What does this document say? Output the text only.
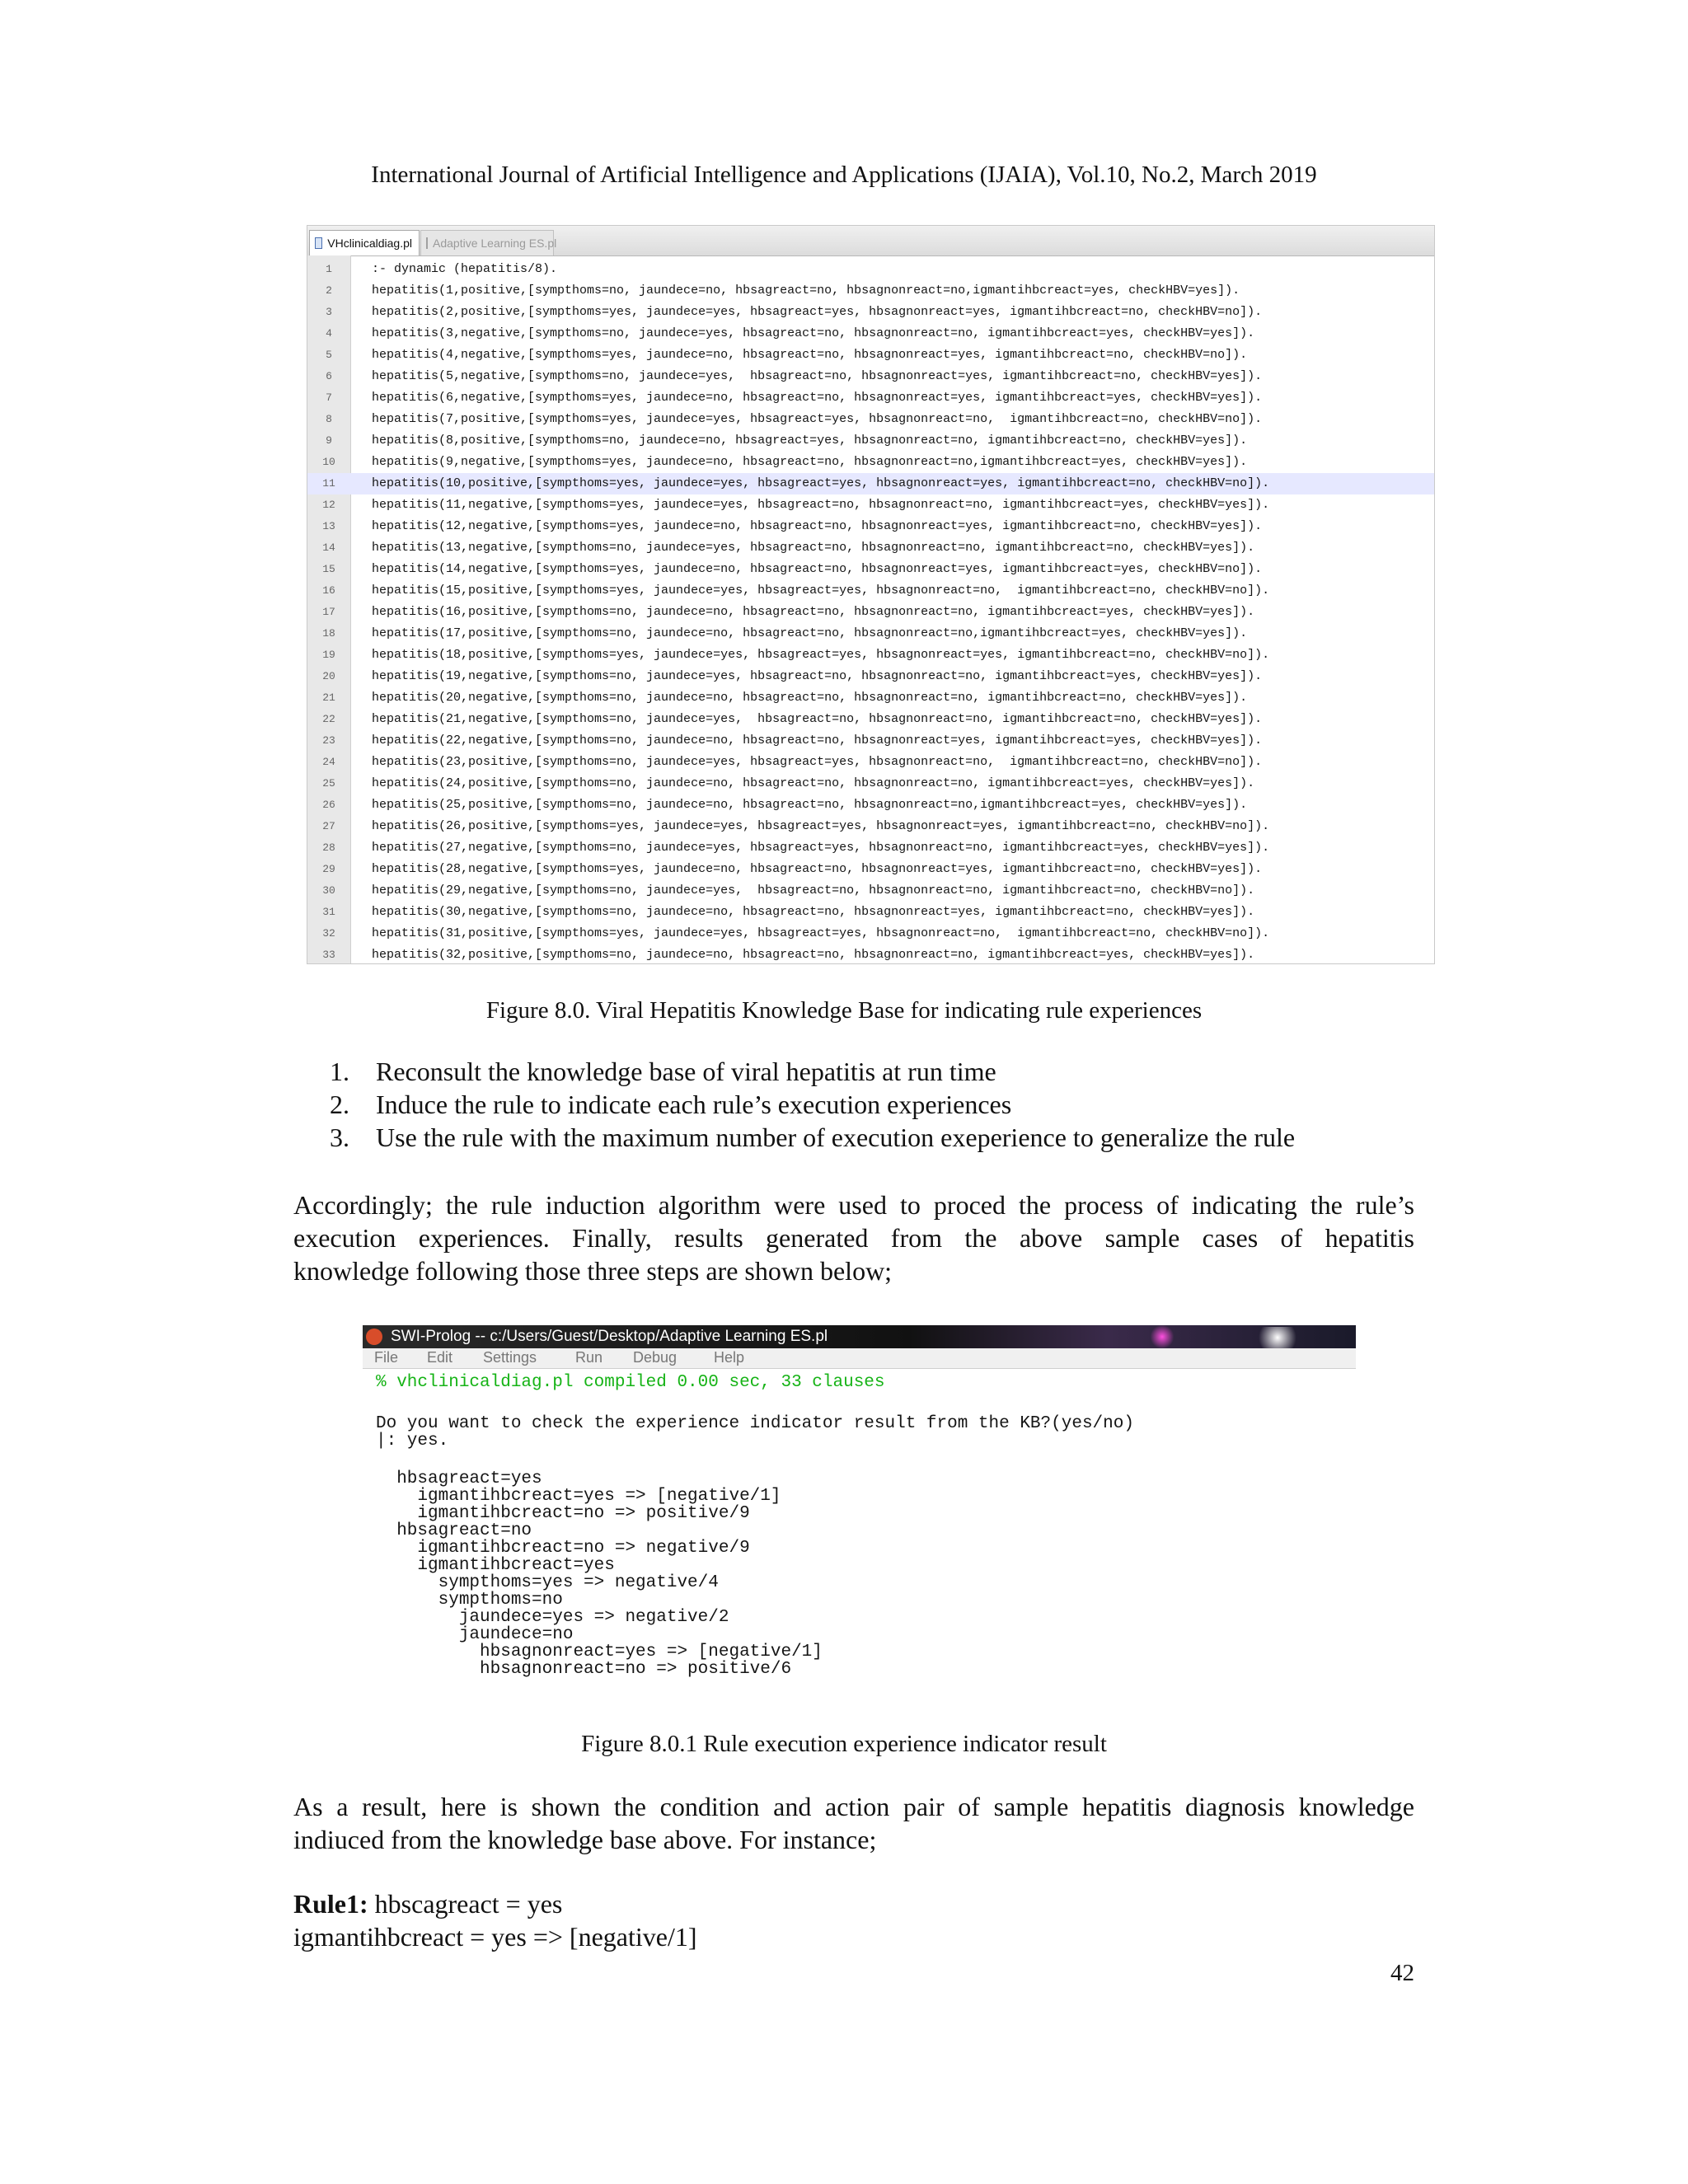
International Journal of Artificial Intelligence and Applications (IJAIA), Vol.10, No.2, March 2019
VHclinicaldiag.pl Adaptive Learning ES.pl
1	:- dynamic (hepatitis/8).
2	hepatitis(1,positive,[sympthoms=no, jaundece=no, hbsagreact=no, hbsagnonreact=no,igmantihbcreact=yes, checkHBV=yes]).
3	hepatitis(2,positive,[sympthoms=yes, jaundece=yes, hbsagreact=yes, hbsagnonreact=yes, igmantihbcreact=no, checkHBV=no]).
4	hepatitis(3,negative,[sympthoms=no, jaundece=yes, hbsagreact=no, hbsagnonreact=no, igmantihbcreact=yes, checkHBV=yes]).
5	hepatitis(4,negative,[sympthoms=yes, jaundece=no, hbsagreact=no, hbsagnonreact=yes, igmantihbcreact=no, checkHBV=no]).
6	hepatitis(5,negative,[sympthoms=no, jaundece=yes,  hbsagreact=no, hbsagnonreact=yes, igmantihbcreact=no, checkHBV=yes]).
7	hepatitis(6,negative,[sympthoms=yes, jaundece=no, hbsagreact=no, hbsagnonreact=yes, igmantihbcreact=yes, checkHBV=yes]).
8	hepatitis(7,positive,[sympthoms=yes, jaundece=yes, hbsagreact=yes, hbsagnonreact=no,  igmantihbcreact=no, checkHBV=no]).
9	hepatitis(8,positive,[sympthoms=no, jaundece=no, hbsagreact=yes, hbsagnonreact=no, igmantihbcreact=no, checkHBV=yes]).
10	hepatitis(9,negative,[sympthoms=yes, jaundece=no, hbsagreact=no, hbsagnonreact=no,igmantihbcreact=yes, checkHBV=yes]).
11	hepatitis(10,positive,[sympthoms=yes, jaundece=yes, hbsagreact=yes, hbsagnonreact=yes, igmantihbcreact=no, checkHBV=no]).
12	hepatitis(11,negative,[sympthoms=yes, jaundece=yes, hbsagreact=no, hbsagnonreact=no, igmantihbcreact=yes, checkHBV=yes]).
13	hepatitis(12,negative,[sympthoms=yes, jaundece=no, hbsagreact=no, hbsagnonreact=yes, igmantihbcreact=no, checkHBV=yes]).
14	hepatitis(13,negative,[sympthoms=no, jaundece=yes, hbsagreact=no, hbsagnonreact=no, igmantihbcreact=no, checkHBV=yes]).
15	hepatitis(14,negative,[sympthoms=yes, jaundece=no, hbsagreact=no, hbsagnonreact=yes, igmantihbcreact=yes, checkHBV=no]).
16	hepatitis(15,positive,[sympthoms=yes, jaundece=yes, hbsagreact=yes, hbsagnonreact=no,  igmantihbcreact=no, checkHBV=no]).
17	hepatitis(16,positive,[sympthoms=no, jaundece=no, hbsagreact=no, hbsagnonreact=no, igmantihbcreact=yes, checkHBV=yes]).
18	hepatitis(17,positive,[sympthoms=no, jaundece=no, hbsagreact=no, hbsagnonreact=no,igmantihbcreact=yes, checkHBV=yes]).
19	hepatitis(18,positive,[sympthoms=yes, jaundece=yes, hbsagreact=yes, hbsagnonreact=yes, igmantihbcreact=no, checkHBV=no]).
20	hepatitis(19,negative,[sympthoms=no, jaundece=yes, hbsagreact=no, hbsagnonreact=no, igmantihbcreact=yes, checkHBV=yes]).
21	hepatitis(20,negative,[sympthoms=no, jaundece=no, hbsagreact=no, hbsagnonreact=no, igmantihbcreact=no, checkHBV=yes]).
22	hepatitis(21,negative,[sympthoms=no, jaundece=yes,  hbsagreact=no, hbsagnonreact=no, igmantihbcreact=no, checkHBV=yes]).
23	hepatitis(22,negative,[sympthoms=no, jaundece=no, hbsagreact=no, hbsagnonreact=yes, igmantihbcreact=yes, checkHBV=yes]).
24	hepatitis(23,positive,[sympthoms=no, jaundece=yes, hbsagreact=yes, hbsagnonreact=no,  igmantihbcreact=no, checkHBV=no]).
25	hepatitis(24,positive,[sympthoms=no, jaundece=no, hbsagreact=no, hbsagnonreact=no, igmantihbcreact=yes, checkHBV=yes]).
26	hepatitis(25,positive,[sympthoms=no, jaundece=no, hbsagreact=no, hbsagnonreact=no,igmantihbcreact=yes, checkHBV=yes]).
27	hepatitis(26,positive,[sympthoms=yes, jaundece=yes, hbsagreact=yes, hbsagnonreact=yes, igmantihbcreact=no, checkHBV=no]).
28	hepatitis(27,negative,[sympthoms=no, jaundece=yes, hbsagreact=yes, hbsagnonreact=no, igmantihbcreact=yes, checkHBV=yes]).
29	hepatitis(28,negative,[sympthoms=yes, jaundece=no, hbsagreact=no, hbsagnonreact=yes, igmantihbcreact=no, checkHBV=yes]).
30	hepatitis(29,negative,[sympthoms=no, jaundece=yes,  hbsagreact=no, hbsagnonreact=no, igmantihbcreact=no, checkHBV=no]).
31	hepatitis(30,negative,[sympthoms=no, jaundece=no, hbsagreact=no, hbsagnonreact=yes, igmantihbcreact=no, checkHBV=yes]).
32	hepatitis(31,positive,[sympthoms=yes, jaundece=yes, hbsagreact=yes, hbsagnonreact=no,  igmantihbcreact=no, checkHBV=no]).
33	hepatitis(32,positive,[sympthoms=no, jaundece=no, hbsagreact=no, hbsagnonreact=no, igmantihbcreact=yes, checkHBV=yes]).
Figure 8.0. Viral Hepatitis Knowledge Base for indicating rule experiences
1. Reconsult the knowledge base of viral hepatitis at run time
2. Induce the rule to indicate each rule’s execution experiences
3. Use the rule with the maximum number of execution exeperience to generalize the rule
Accordingly; the rule induction algorithm were used to proced the process of indicating the rule’s
execution experiences. Finally, results generated from the above sample cases of hepatitis
knowledge following those three steps are shown below;
SWI-Prolog -- c:/Users/Guest/Desktop/Adaptive Learning ES.pl
File Edit Settings	Run Debug Help
% vhclinicaldiag.pl compiled 0.00 sec, 33 clauses
Do you want to check the experience indicator result from the KB?(yes/no)
|: yes.
hbsagreact=yes
igmantihbcreact=yes => [negative/1]
igmantihbcreact=no => positive/9
hbsagreact=no
igmantihbcreact=no => negative/9
igmantihbcreact=yes
sympthoms=yes => negative/4
sympthoms=no
jaundece=yes => negative/2
jaundece=no
hbsagnonreact=yes => [negative/1]
hbsagnonreact=no => positive/6
Figure 8.0.1 Rule execution experience indicator result
As a result, here is shown the condition and action pair of sample hepatitis diagnosis knowledge
indiuced from the knowledge base above. For instance;
Rule1: hbscagreact = yes
igmantihbcreact = yes => [negative/1]
42
